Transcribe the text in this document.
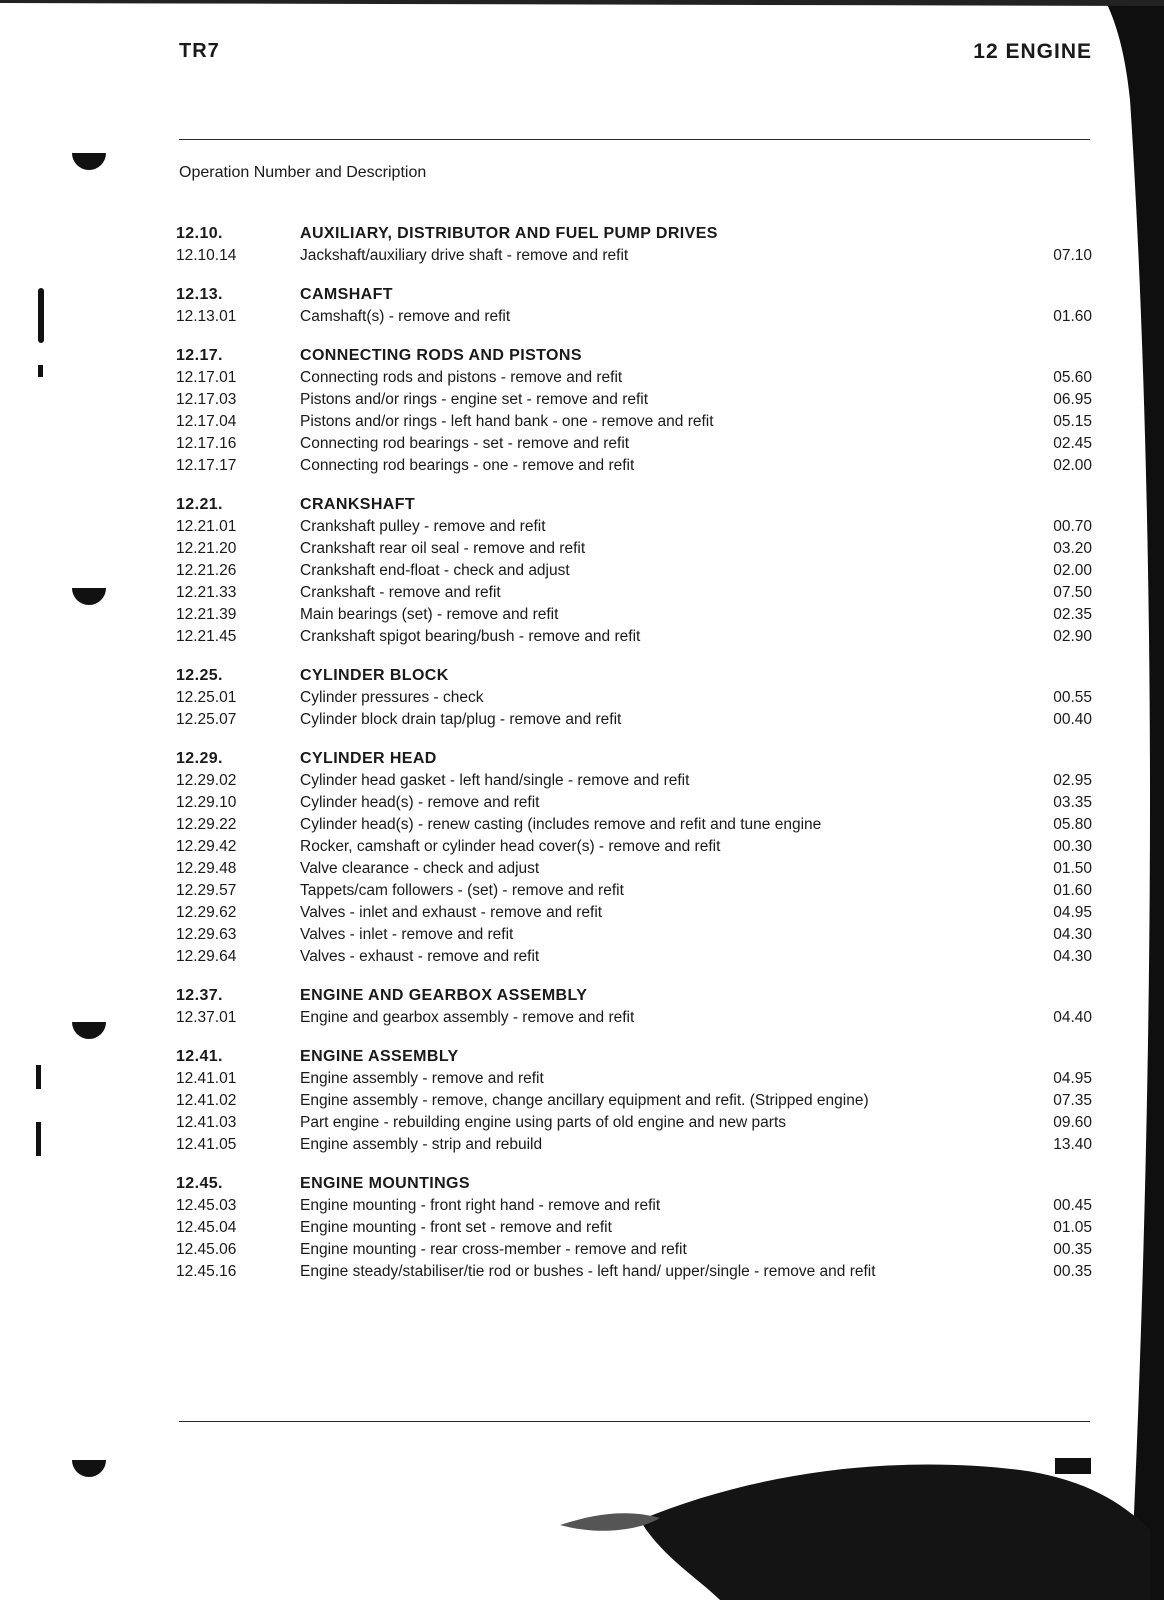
TR7	12 ENGINE
Operation Number and Description
12.10.	AUXILIARY, DISTRIBUTOR AND FUEL PUMP DRIVES
12.10.14	Jackshaft/auxiliary drive shaft - remove and refit	07.10
12.13.	CAMSHAFT
12.13.01	Camshaft(s) - remove and refit	01.60
12.17.	CONNECTING RODS AND PISTONS
12.17.01	Connecting rods and pistons - remove and refit	05.60
12.17.03	Pistons and/or rings - engine set - remove and refit	06.95
12.17.04	Pistons and/or rings - left hand bank - one - remove and refit	05.15
12.17.16	Connecting rod bearings - set - remove and refit	02.45
12.17.17	Connecting rod bearings - one - remove and refit	02.00
12.21.	CRANKSHAFT
12.21.01	Crankshaft pulley - remove and refit	00.70
12.21.20	Crankshaft rear oil seal - remove and refit	03.20
12.21.26	Crankshaft end-float - check and adjust	02.00
12.21.33	Crankshaft - remove and refit	07.50
12.21.39	Main bearings (set) - remove and refit	02.35
12.21.45	Crankshaft spigot bearing/bush - remove and refit	02.90
12.25.	CYLINDER BLOCK
12.25.01	Cylinder pressures - check	00.55
12.25.07	Cylinder block drain tap/plug - remove and refit	00.40
12.29.	CYLINDER HEAD
12.29.02	Cylinder head gasket - left hand/single - remove and refit	02.95
12.29.10	Cylinder head(s) - remove and refit	03.35
12.29.22	Cylinder head(s) - renew casting (includes remove and refit and tune engine	05.80
12.29.42	Rocker, camshaft or cylinder head cover(s) - remove and refit	00.30
12.29.48	Valve clearance - check and adjust	01.50
12.29.57	Tappets/cam followers - (set) - remove and refit	01.60
12.29.62	Valves - inlet and exhaust - remove and refit	04.95
12.29.63	Valves - inlet - remove and refit	04.30
12.29.64	Valves - exhaust - remove and refit	04.30
12.37.	ENGINE AND GEARBOX ASSEMBLY
12.37.01	Engine and gearbox assembly - remove and refit	04.40
12.41.	ENGINE ASSEMBLY
12.41.01	Engine assembly - remove and refit	04.95
12.41.02	Engine assembly - remove, change ancillary equipment and refit. (Stripped engine)	07.35
12.41.03	Part engine - rebuilding engine using parts of old engine and new parts	09.60
12.41.05	Engine assembly - strip and rebuild	13.40
12.45.	ENGINE MOUNTINGS
12.45.03	Engine mounting - front right hand - remove and refit	00.45
12.45.04	Engine mounting - front set - remove and refit	01.05
12.45.06	Engine mounting - rear cross-member - remove and refit	00.35
12.45.16	Engine steady/stabiliser/tie rod or bushes - left hand/ upper/single - remove and refit	00.35
